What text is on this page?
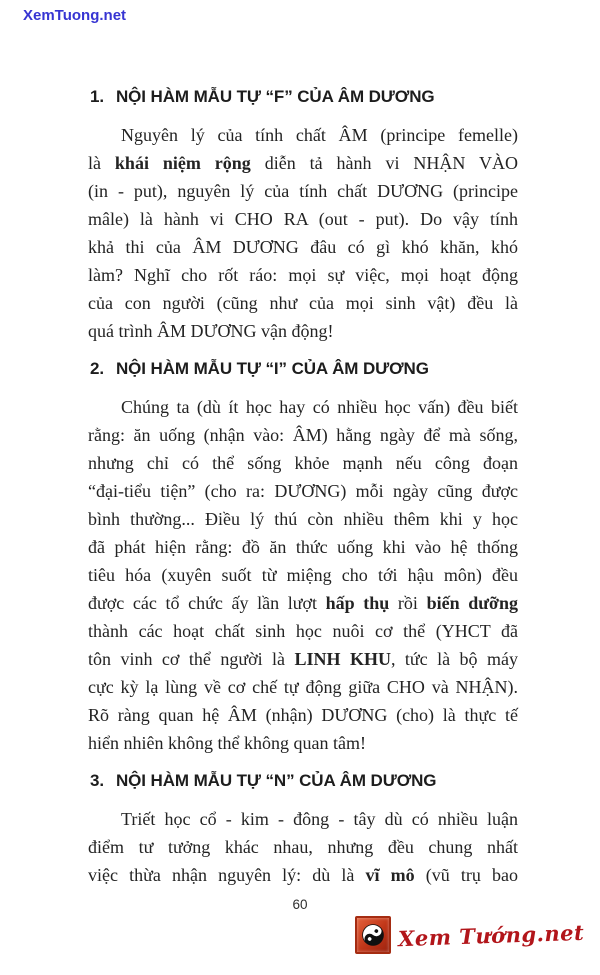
XemTuong.net
1. NỘI HÀM MẪU TỰ “F” CỦA ÂM DƯƠNG
Nguyên lý của tính chất ÂM (principe femelle)
là khái niệm rộng diễn tả hành vi NHẬN VÀO
(in - put), nguyên lý của tính chất DƯƠNG (principe
mâle) là hành vi CHO RA (out - put). Do vậy tính
khả thi của ÂM DƯƠNG đâu có gì khó khăn, khó
làm? Nghĩ cho rốt ráo: mọi sự việc, mọi hoạt động
của con người (cũng như của mọi sinh vật) đều là
quá trình ÂM DƯƠNG vận động!
2. NỘI HÀM MẪU TỰ “I” CỦA ÂM DƯƠNG
Chúng ta (dù ít học hay có nhiều học vấn) đều biết
rằng: ăn uống (nhận vào: ÂM) hằng ngày để mà sống,
nhưng chỉ có thể sống khỏe mạnh nếu công đoạn
“đại-tiểu tiện” (cho ra: DƯƠNG) mỗi ngày cũng được
bình thường... Điều lý thú còn nhiều thêm khi y học
đã phát hiện rằng: đồ ăn thức uống khi vào hệ thống
tiêu hóa (xuyên suốt từ miệng cho tới hậu môn) đều
được các tổ chức ấy lần lượt hấp thụ rồi biến dưỡng
thành các hoạt chất sinh học nuôi cơ thể (YHCT đã
tôn vinh cơ thể người là LINH KHU, tức là bộ máy
cực kỳ lạ lùng về cơ chế tự động giữa CHO và NHẬN).
Rõ ràng quan hệ ÂM (nhận) DƯƠNG (cho) là thực tế
hiển nhiên không thể không quan tâm!
3. NỘI HÀM MẪU TỰ “N” CỦA ÂM DƯƠNG
Triết học cổ - kim - đông - tây dù có nhiều luận
điểm tư tưởng khác nhau, nhưng đều chung nhất
việc thừa nhận nguyên lý: dù là vĩ mô (vũ trụ bao
60
Xem Tướng.net
